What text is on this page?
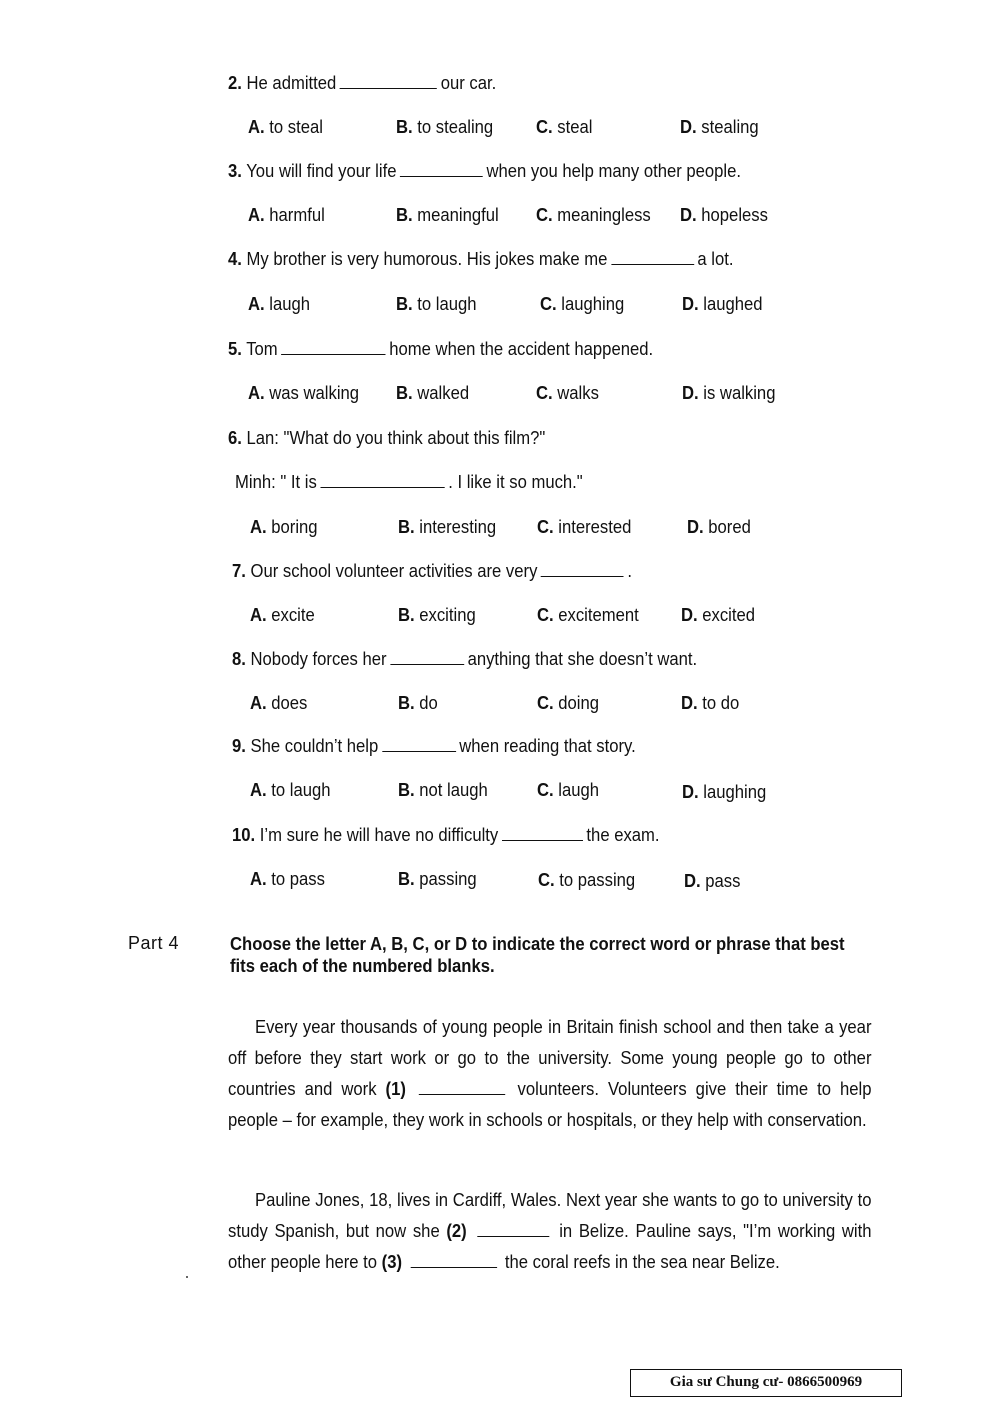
2. He admitted	our car.
A. to steal	B. to stealing C. steal	D. stealing
3. You will find your life	when you help many other people.
A. harmful	B. meaningful C. meaningless D. hopeless
4. My brother is very humorous. His jokes make me	a lot.
A. laugh	B. to laugh	C. laughing	D. laughed
5. Tom	home when the accident happened.
A. was walking B. walked	C. walks	D. is walking
6. Lan: "What do you think about this film?"
Minh: " It is	. I like it so much."
A. boring	B. interesting C. interested	D. bored
7. Our school volunteer activities are very	.
A. excite	B. exciting	C. excitement D. excited
8. Nobody forces her	anything that she doesn’t want.
A. does	B. do	C. doing	D. to do
9. She couldn’t help	when reading that story.
A. to laugh	B. not laugh	C. laugh	D. laughing
10. I’m sure he will have no difficulty	the exam.
A. to pass	B. passing	C. to passing	D. pass
Part 4	Choose the letter A, B, C, or D to indicate the correct word or phrase that best fits each of the numbered blanks.
Every year thousands of young people in Britain finish school and then take a year off before they start work or go to the university. Some young people go to other countries and work (1)	volunteers. Volunteers give their time to help people – for example, they work in schools or hospitals, or they help with conservation.
Pauline Jones, 18, lives in Cardiff, Wales. Next year she wants to go to university to study Spanish, but now she (2)	in Belize. Pauline says, "I’m working with other people here to (3)	the coral reefs in the sea near Belize.
Gia sư Chung cư- 0866500969
